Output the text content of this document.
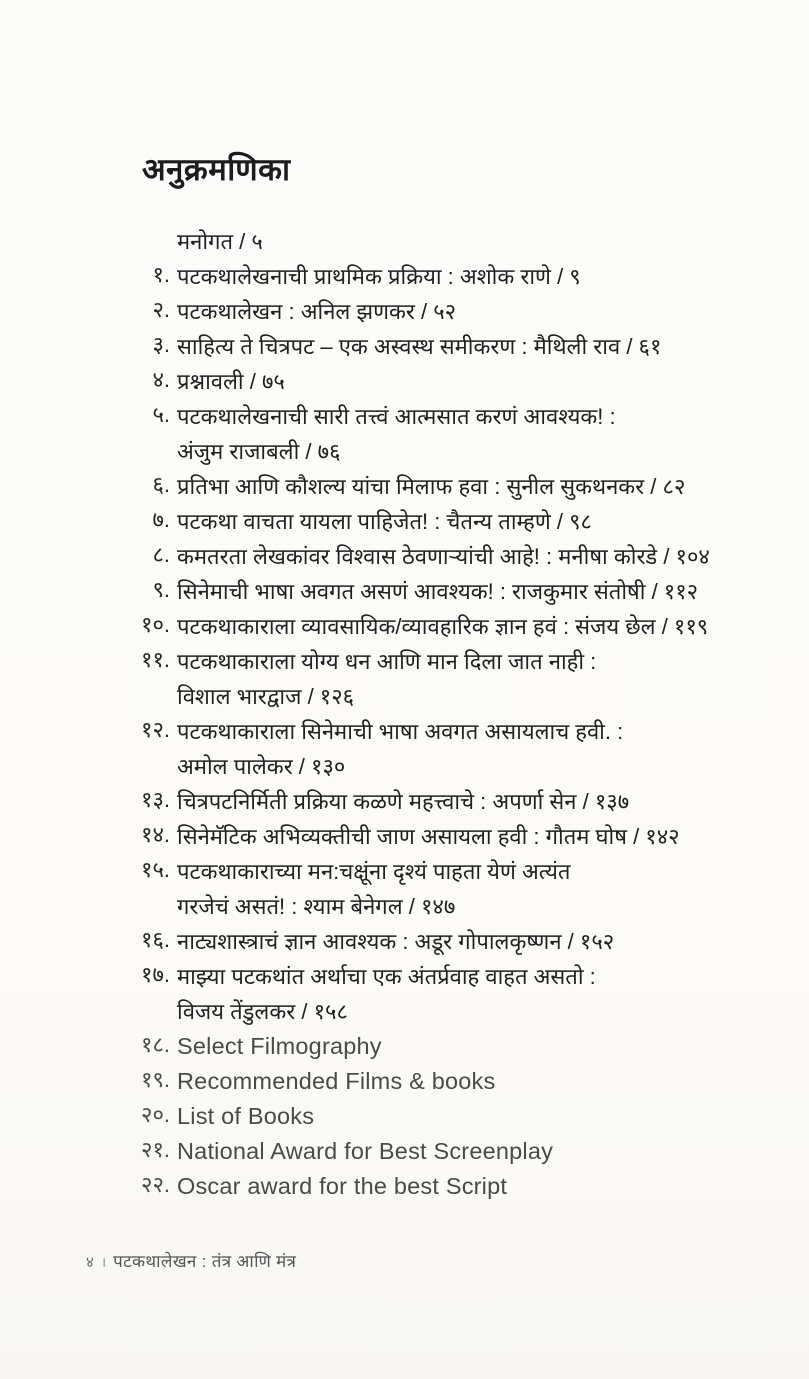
अनुक्रमणिका
मनोगत / ५
१. पटकथालेखनाची प्राथमिक प्रक्रिया : अशोक राणे / ९
२. पटकथालेखन : अनिल झणकर / ५२
३. साहित्य ते चित्रपट – एक अस्वस्थ समीकरण : मैथिली राव / ६१
४. प्रश्नावली / ७५
५. पटकथालेखनाची सारी तत्त्वं आत्मसात करणं आवश्यक! :
अंजुम राजाबली / ७६
६. प्रतिभा आणि कौशल्य यांचा मिलाफ हवा : सुनील सुकथनकर / ८२
७. पटकथा वाचता यायला पाहिजेत! : चैतन्य ताम्हणे / ९८
८. कमतरता लेखकांवर विश्वास ठेवणाऱ्यांची आहे! : मनीषा कोरडे / १०४
९. सिनेमाची भाषा अवगत असणं आवश्यक! : राजकुमार संतोषी / ११२
१०. पटकथाकाराला व्यावसायिक/व्यावहारिक ज्ञान हवं : संजय छेल / ११९
११. पटकथाकाराला योग्य धन आणि मान दिला जात नाही :
विशाल भारद्वाज / १२६
१२. पटकथाकाराला सिनेमाची भाषा अवगत असायलाच हवी. :
अमोल पालेकर / १३०
१३. चित्रपटनिर्मिती प्रक्रिया कळणे महत्त्वाचे : अपर्णा सेन / १३७
१४. सिनेमॅटिक अभिव्यक्तीची जाण असायला हवी : गौतम घोष / १४२
१५. पटकथाकाराच्या मन:चक्षूंना दृश्यं पाहता येणं अत्यंत
गरजेचं असतं! : श्याम बेनेगल / १४७
१६. नाट्यशास्त्राचं ज्ञान आवश्यक : अडूर गोपालकृष्णन / १५२
१७. माझ्या पटकथांत अर्थाचा एक अंतर्प्रवाह वाहत असतो :
विजय तेंडुलकर / १५८
१८. Select Filmography
१९. Recommended Films & books
२०. List of Books
२१. National Award for Best Screenplay
२२. Oscar award for the best Script
४ । पटकथालेखन : तंत्र आणि मंत्र
